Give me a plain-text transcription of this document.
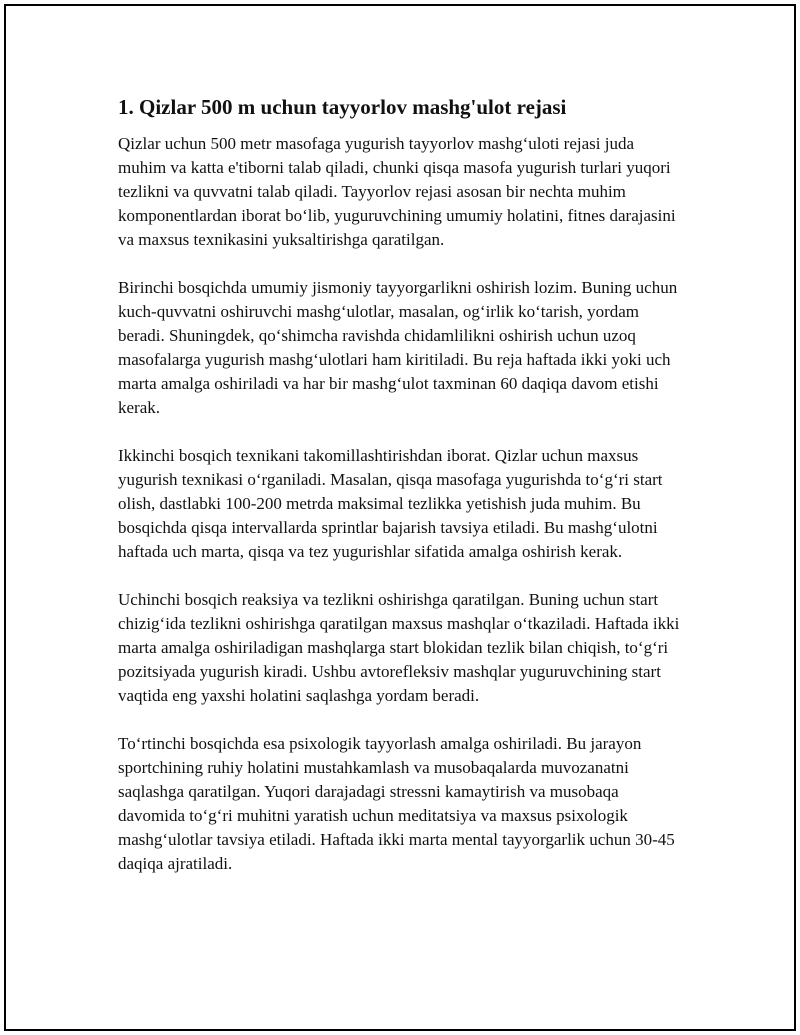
1. Qizlar 500 m uchun tayyorlov mashg'ulot rejasi

Qizlar uchun 500 metr masofaga yugurish tayyorlov mashg‘uloti rejasi juda muhim va katta e'tiborni talab qiladi, chunki qisqa masofa yugurish turlari yuqori tezlikni va quvvatni talab qiladi. Tayyorlov rejasi asosan bir nechta muhim komponentlardan iborat bo‘lib, yuguruvchining umumiy holatini, fitnes darajasini va maxsus texnikasini yuksaltirishga qaratilgan.

Birinchi bosqichda umumiy jismoniy tayyorgarlikni oshirish lozim. Buning uchun kuch-quvvatni oshiruvchi mashg‘ulotlar, masalan, og‘irlik ko‘tarish, yordam beradi. Shuningdek, qo‘shimcha ravishda chidamlilikni oshirish uchun uzoq masofalarga yugurish mashg‘ulotlari ham kiritiladi. Bu reja haftada ikki yoki uch marta amalga oshiriladi va har bir mashg‘ulot taxminan 60 daqiqa davom etishi kerak.

Ikkinchi bosqich texnikani takomillashtirishdan iborat. Qizlar uchun maxsus yugurish texnikasi o‘rganiladi. Masalan, qisqa masofaga yugurishda to‘g‘ri start olish, dastlabki 100-200 metrda maksimal tezlikka yetishish juda muhim. Bu bosqichda qisqa intervallarda sprintlar bajarish tavsiya etiladi. Bu mashg‘ulotni haftada uch marta, qisqa va tez yugurishlar sifatida amalga oshirish kerak.

Uchinchi bosqich reaksiya va tezlikni oshirishga qaratilgan. Buning uchun start chizig‘ida tezlikni oshirishga qaratilgan maxsus mashqlar o‘tkaziladi. Haftada ikki marta amalga oshiriladigan mashqlarga start blokidan tezlik bilan chiqish, to‘g‘ri pozitsiyada yugurish kiradi. Ushbu avtorefleksiv mashqlar yuguruvchining start vaqtida eng yaxshi holatini saqlashga yordam beradi.

To‘rtinchi bosqichda esa psixologik tayyorlash amalga oshiriladi. Bu jarayon sportchining ruhiy holatini mustahkamlash va musobaqalarda muvozanatni saqlashga qaratilgan. Yuqori darajadagi stressni kamaytirish va musobaqa davomida to‘g‘ri muhitni yaratish uchun meditatsiya va maxsus psixologik mashg‘ulotlar tavsiya etiladi. Haftada ikki marta mental tayyorgarlik uchun 30-45 daqiqa ajratiladi.
